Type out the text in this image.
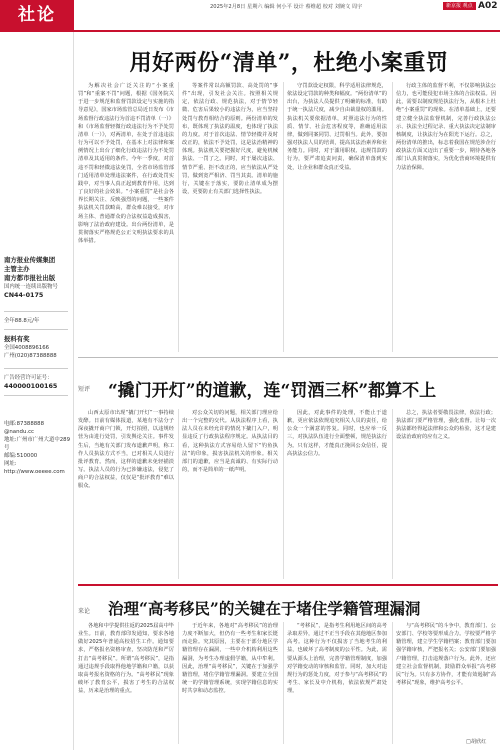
社论	2025年2月8日 星期六 编辑 何小平 设计 蔡维超 校对 刘婉文 周宇	新京报 观点 A02
南方报业传媒集团
主管主办
南方都市报社出版
国内统一连续出版物号
CN44-0175
全年88.8元/年
报料有奖
全国4008896166
广州(020)87388888
广告经营许可证号：
440000100165
电邮:87388888
@nandu.cc
地址:广州市广州大道中289号
邮编:510000
网址:
http://www.oeeee.com
用好两份“清单”，杜绝小案重罚

为解决社会广泛关注的“小案重罚”和“重案不罚”问题，根据《国务院关于进一步规范和监督罚款设定与实施的指导意见》，国家市场监管总局近日发布《市场监督行政违法行为首违不罚清单（一）》和《市场监督轻微行政违法行为不予处罚清单（一）》，对两清单，在处于首违违法行为可以不予处罚，在基本上对法律和案例情况上出台了细化行政违法行为不处罚清单及其适用的条件。今年一季度，对首违不罚和轻微违法免罚，全省市场监管部门适用清单处理违法案件，在行政处罚实践中，对当事人真正起到教育作用，达到了良好的社会效果。“小案重罚”是社会各界长期关注、反映强烈的问题，一些案件执法机关罚款畸高，群众难以接受，对市场主体、普通群众的合法权益造成损害，影响了法治政府建设。出台两份清单，是贯彻落实严格规范公正文明执法要求的具体举措。

等案件常以高额罚款、高处罚的“事件”出现，引发社会关注。按照相关规定，依法行政、规范执法，对于情节轻微、危害后果较小的违法行为，应当坚持处罚与教育相结合的原则。两份清单的发布，既体现了执法的温度，也体现了执法的力度。对于首次违法、情节轻微并及时改正的，依法不予处罚，这是法治精神的体现。执法机关要把握好尺度，避免机械执法、一罚了之。同时，对于屡次违法、情节严重、拒不改正的，应当依法从严处罚，做到宽严相济、罚当其责。清单的施行，关键在于落实，要防止清单成为摆设，更要防止有关部门选择性执法。

守罚款设定权限，科学适用法律规范，依法设定罚款的种类和幅度。“两份清单”的出台，为执法人员提供了明确的标准，有助于统一执法尺度，减少自由裁量权的滥用。执法机关要依据清单，对照违法行为的性质、情节、社会危害程度等，准确适用法律，做到同案同罚、过罚相当。此外，要加强对执法人员的培训，提高其法治素养和业务能力。同时，对于滥用职权、违规罚款的行为，要严肃追责问责，确保清单落到实处，让企业和群众真正受益。

行政主体的监督不利，不仅影响执法公信力，也可能侵犯市场主体的合法权益。因此，需要以制度规范执法行为，从根本上杜绝“小案重罚”的现象。在清单基础上，还要建立健全执法监督机制，完善行政执法公示、执法全过程记录、重大执法决定法制审核制度，让执法行为在阳光下运行。总之，两份清单的推出，标志着我国在规范涉企行政执法方面又迈出了重要一步，期待各地各部门认真贯彻落实，为优化营商环境提供有力法治保障。

短评 “撬门开灯”的道歉，连“罚酒三杯”都算不上

山西太原市出现“撬门开灯”一事持续发酵。日前有媒体报道，某地有不法分子深夜撬开商户门锁，开灯拍照，以违规经营为由进行处罚，引发舆论关注。事件发生后，当地有关部门发布道歉声明，称工作人员执法方式不当，已对相关人员进行批评教育。然而，这样的道歉未免轻描淡写。执法人员的行为已涉嫌违法，侵犯了商户的合法权益，仅仅是“批评教育”难以服众。

对公众关切的问题，相关部门理应给出一个完整的交代。从执法程序上看，执法人员在未经允许的情况下撬门入户，明显违反了行政执法程序规定。从执法目的看，这种执法方式容易给人留下“钓鱼执法”的印象，损害执法机关的形象。相关部门的道歉，应当是真诚的、有实际行动的，而不是简单的一纸声明。

因此，对此事件的处理，不能止于道歉，更应依法依规追究相关人员的责任，给公众一个满意的答复。同时，也应举一反三，对执法队伍进行全面整顿，规范执法行为。只有这样，才能真正挽回公众信任，提高执法公信力。

总之，执法者要敬畏法律，依法行政；执法部门要严格管理，强化监督。让每一次执法都经得起法律和公众的检验，这才是建设法治政府的应有之义。

来论 治理“高考移民”的关键在于堵住学籍管理漏洞

各地和中学提供往返的2025届高中毕业生。日前，教育部印发通知，要求各地做好2025年普通高校招生工作。通知要求，严格报名资格审查，坚决防范和严厉打击“高考移民”。所谓“高考移民”，是指通过违规手段取得他地学籍和户籍，以获取高考报名资格的行为。“高考移民”现象破坏了教育公平，损害了考生的合法权益，历来是治理的重点。

于近年来，各地对“高考移民”的治理力度不断加大，但仍有一些考生和家长铤而走险。究其原因，主要在于部分地区学籍管理存在漏洞，一些中介机构利用这些漏洞，为考生办理虚假学籍，从中牟利。因此，治理“高考移民”，关键在于加强学籍管理，堵住学籍管理漏洞。要建立全国统一的学籍管理系统，实现学籍信息的实时共享和动态监控。

“考移民”，是指考生利用地区间的高考录取差异，通过不正当手段在其他地区参加高考。这种行为不仅损害了当地考生的利益，也破坏了高考制度的公平性。为此，需要从源头上治理，完善学籍管理制度，加强对学籍变动的审核和监管。同时，加大对违规行为的惩处力度，对于参与“高考移民”的考生、家长及中介机构，依法依规严肃处理。

与“高考移民”的斗争中，教育部门、公安部门、学校等要形成合力。学校要严格学籍管理，建立学生学籍档案；教育部门要加强学籍审核，严把报名关；公安部门要加强户籍管理，打击违规落户行为。此外，还应建立社会监督机制，鼓励群众举报“高考移民”行为。只有多方协作，才能有效遏制“高考移民”现象，维护高考公平。

□胡欣红
